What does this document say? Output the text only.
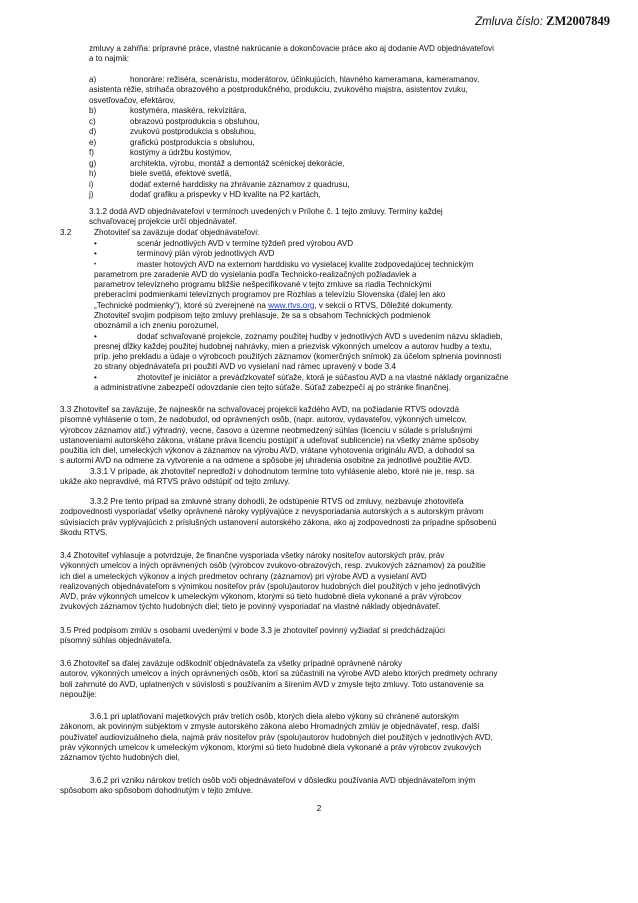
Zmluva číslo: ZM2007849

zmluvy a zahŕňa: prípravné práce, vlastné nakrúcanie a dokončovacie práce ako aj dodanie AVD objednávateľovi

a to najmä:

a)	honoráre: režiséra, scenáristu, moderátorov, účinkujúcich, hlavného kameramana, kameramanov,

asistenta réžie, strihača obrazového a postprodukčného, produkciu, zvukového majstra, asistentov zvuku,

osvetľovačov, efektárov,

b)	kostyméra, maskéra, rekvizitára,
c)	obrazovú postprodukcia s obsluhou,
d)	zvukovú postprodukcia s obsluhou,
e)	grafickú postprodukcia s obsluhou,
f)	kostýmy a údržbu kostýmov,
g)	architekta, výrobu, montáž a demontáž scénickej dekorácie,
h)	biele svetlá, efektové svetlá,
i)	dodať externé harddisky na zhrávanie záznamov z quadrusu,
j)	dodať grafiku a prispevky v HD kvalite na P2 kartách,

3.1.2 dodá AVD objednávateľovi v termínoch uvedených v Prílohe č. 1 tejto zmluvy. Termíny každej

schvaľovacej projekcie určí objednávateľ.

3.2	Zhotoviteľ sa zaväzuje dodať objednávateľovi:
•	scenár jednotlivých AVD v termíne týždeň pred výrobou AVD
•	termínový plán výrob jednotlivých AVD
•	master hotových AVD na externom harddisku vo vysielacej kvalite zodpovedajúcej technickým

parametrom pre zaradenie AVD do vysielania podľa Technicko-realizačných požiadaviek a

parametrov televízneho programu bližšie nešpecifikované v tejto zmluve sa riadia Technickými

preberacími podmienkami televíznych programov pre Rozhlas a televíziu Slovenska (ďalej len ako

„Technické podmienky“), ktoré sú zverejnené na www.rtvs.org, v sekcii o RTVS, Dôležité dokumenty.

Zhotoviteľ svojim podpisom tejto zmluvy prehlasuje, že sa s obsahom Technických podmienok

oboznámil a ich zneniu porozumel,

•	dodať schvaľované projekcie, zoznamy použitej hudby v jednotlivých AVD s uvedením názvu skladieb,

presnej dĺžky každej použitej hudobnej nahrávky, mien a priezvisk výkonných umelcov a autorov hudby a textu,

príp. jeho prekladu a údaje o výrobcoch použitých záznamov (komerčných snímok) za účelom splnenia povinnosti

zo strany objednávateľa pri použití AVD vo vysielaní nad rámec upravený v bode 3.4

•	zhotoviteľ je iniciátor a preváďzkovateľ súťaže, ktorá je súčasťou AVD a na vlastné náklady organizačne
a administratívne zabezpečí odovzdanie cien tejto súťaže. Súťaž zabezpečí aj po stránke finančnej.

3.3 Zhotoviteľ sa zaväzuje, že najneskôr na schvaľovacej projekcii každého AVD, na požiadanie RTVS odovzdá

písomné vyhlásenie o tom, že nadobudol, od oprávnených osôb, (napr. autorov, vydavateľov, výkonných umelcov,

výrobcov záznamov atď.) výhradný, vecne, časovo a územne neobmedzený súhlas (licenciu v súlade s príslušnými

ustanoveniami autorského zákona, vrátane práva licenciu postúpiť a udeľovať sublicencie) na všetky známe spôsoby

použitia ich diel, umeleckých výkonov a záznamov na výrobu AVD, vrátane vyhotovenia originálu AVD, a dohodol sa

s autormi AVD na odmene za vytvorenie a na odmene a spôsobe jej uhradenia osobitne za jednotlivé použitie AVD.

3.3.1 V prípade, ak zhotoviteľ nepredloží v dohodnutom termíne toto vyhlásenie alebo, ktoré nie je, resp. sa

ukáže ako nepravdivé, má RTVS právo odstúpiť od tejto zmluvy.

3.3.2 Pre tento prípad sa zmluvné strany dohodli, že odstúpenie RTVS od zmluvy, nezbavuje zhotoviteľa

zodpovednosti vysporiadať všetky oprávnené nároky vyplývajúce z nevysporiadania autorských a s autorským právom

súvisiacich práv vyplývajúcich z príslušných ustanovení autorského zákona, ako aj zodpovednosti za prípadne spôsobenú

škodu RTVS.

3.4 Zhotoviteľ vyhlasuje a potvrdzuje, že finančne vysporiada všetky nároky nositeľov autorských práv, práv

výkonných umelcov a iných oprávnených osôb (výrobcov zvukovo-obrazových, resp. zvukových záznamov) za použitie

ich diel a umeleckých výkonov a iných predmetov ochrany (záznamov) pri výrobe AVD a vysielaní AVD

realizovaných objednávateľom s výnimkou nositeľov práv (spolu)autorov hudobných diel použitých v jeho jednotlivých

AVD, práv výkonných umelcov k umeleckým výkonom, ktorými sú tieto hudobné diela vykonané a práv výrobcov

zvukových záznamov týchto hudobných diel; tieto je povinný vysporiadať na vlastné náklady objednávateľ.

3.5 Pred podpisom zmlúv s osobami uvedenými v bode 3.3 je zhotoviteľ povinný vyžiadať si predchádzajúci

písomný súhlas objednávateľa.

3.6 Zhotoviteľ sa ďalej zaväzuje odškodniť objednávateľa za všetky prípadné oprávnené nároky

autorov, výkonných umelcov a iných oprávnených osôb, ktorí sa zúčastnili na výrobe AVD alebo ktorých predmety ochrany

boli zahrnuté do AVD, uplatnených v súvislosti s používaním a šírením AVD v zmysle tejto zmluvy. Toto ustanovenie sa

nepoužije:

3.6.1 pri uplatňovaní majetkových práv tretích osôb, ktorých diela alebo výkony sú chránené autorským

zákonom, ak povinným subjektom v zmysle autorského zákona alebo Hromadných zmlúv je objednávateľ, resp. ďalší

používateľ audiovizuálneho diela, najmä práv nositeľov práv (spolu)autorov hudobných diel použitých v jednotlivých AVD,

práv výkonných umelcov k umeleckým výkonom, ktorými sú tieto hudobné diela vykonané a práv výrobcov zvukových

záznamov týchto hudobných diel,

3.6.2 pri vzniku nárokov tretích osôb voči objednávateľovi v dôsledku používania AVD objednávateľom iným

spôsobom ako spôsobom dohodnutým v tejto zmluve.

2
